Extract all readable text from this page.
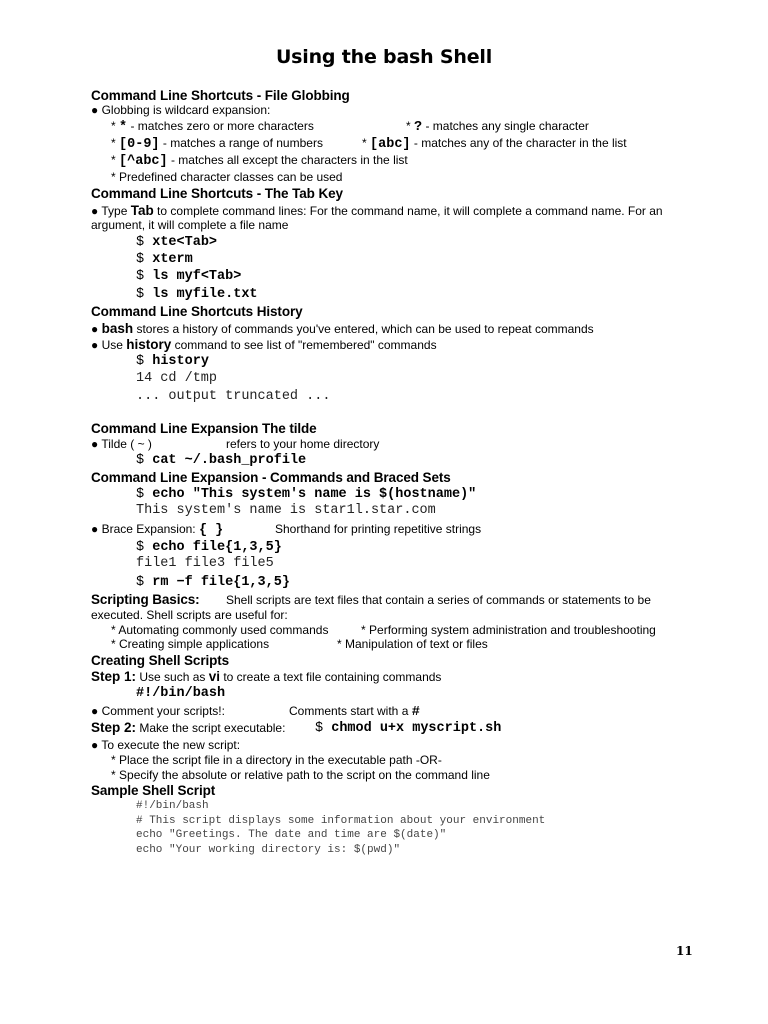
Using the bash Shell
Command Line Shortcuts - File Globbing
● Globbing is wildcard expansion:
* * - matches zero or more characters	* ? - matches any single character
* [0-9] - matches a range of numbers	* [abc] - matches any of the character in the list
* [^abc] - matches all except the characters in the list
* Predefined character classes can be used
Command Line Shortcuts - The Tab Key
● Type Tab to complete command lines: For the command name, it will complete a command name. For an
argument, it will complete a file name
$ xte<Tab>
$ xterm
$ ls myf<Tab>
$ ls myfile.txt
Command Line Shortcuts History
● bash stores a history of commands you've entered, which can be used to repeat commands
● Use history command to see list of "remembered" commands
$ history
14 cd /tmp
... output truncated ...
Command Line Expansion The tilde
● Tilde ( ~ )	refers to your home directory
$ cat ~/.bash_profile
Command Line Expansion - Commands and Braced Sets
$ echo "This system's name is $(hostname)"
This system's name is star1l.star.com
● Brace Expansion: { }	Shorthand for printing repetitive strings
$ echo file{1,3,5}
file1 file3 file5
$ rm −f file{1,3,5}
Scripting Basics: Shell scripts are text files that contain a series of commands or statements to be
executed. Shell scripts are useful for:
* Automating commonly used commands	* Performing system administration and troubleshooting
* Creating simple applications	* Manipulation of text or files
Creating Shell Scripts
Step 1: Use such as vi to create a text file containing commands
#!/bin/bash
● Comment your scripts!:	Comments start with a #
Step 2: Make the script executable: $ chmod u+x myscript.sh
● To execute the new script:
* Place the script file in a directory in the executable path -OR-
* Specify the absolute or relative path to the script on the command line
Sample Shell Script
#!/bin/bash
# This script displays some information about your environment
echo "Greetings. The date and time are $(date)"
echo "Your working directory is: $(pwd)"
11
